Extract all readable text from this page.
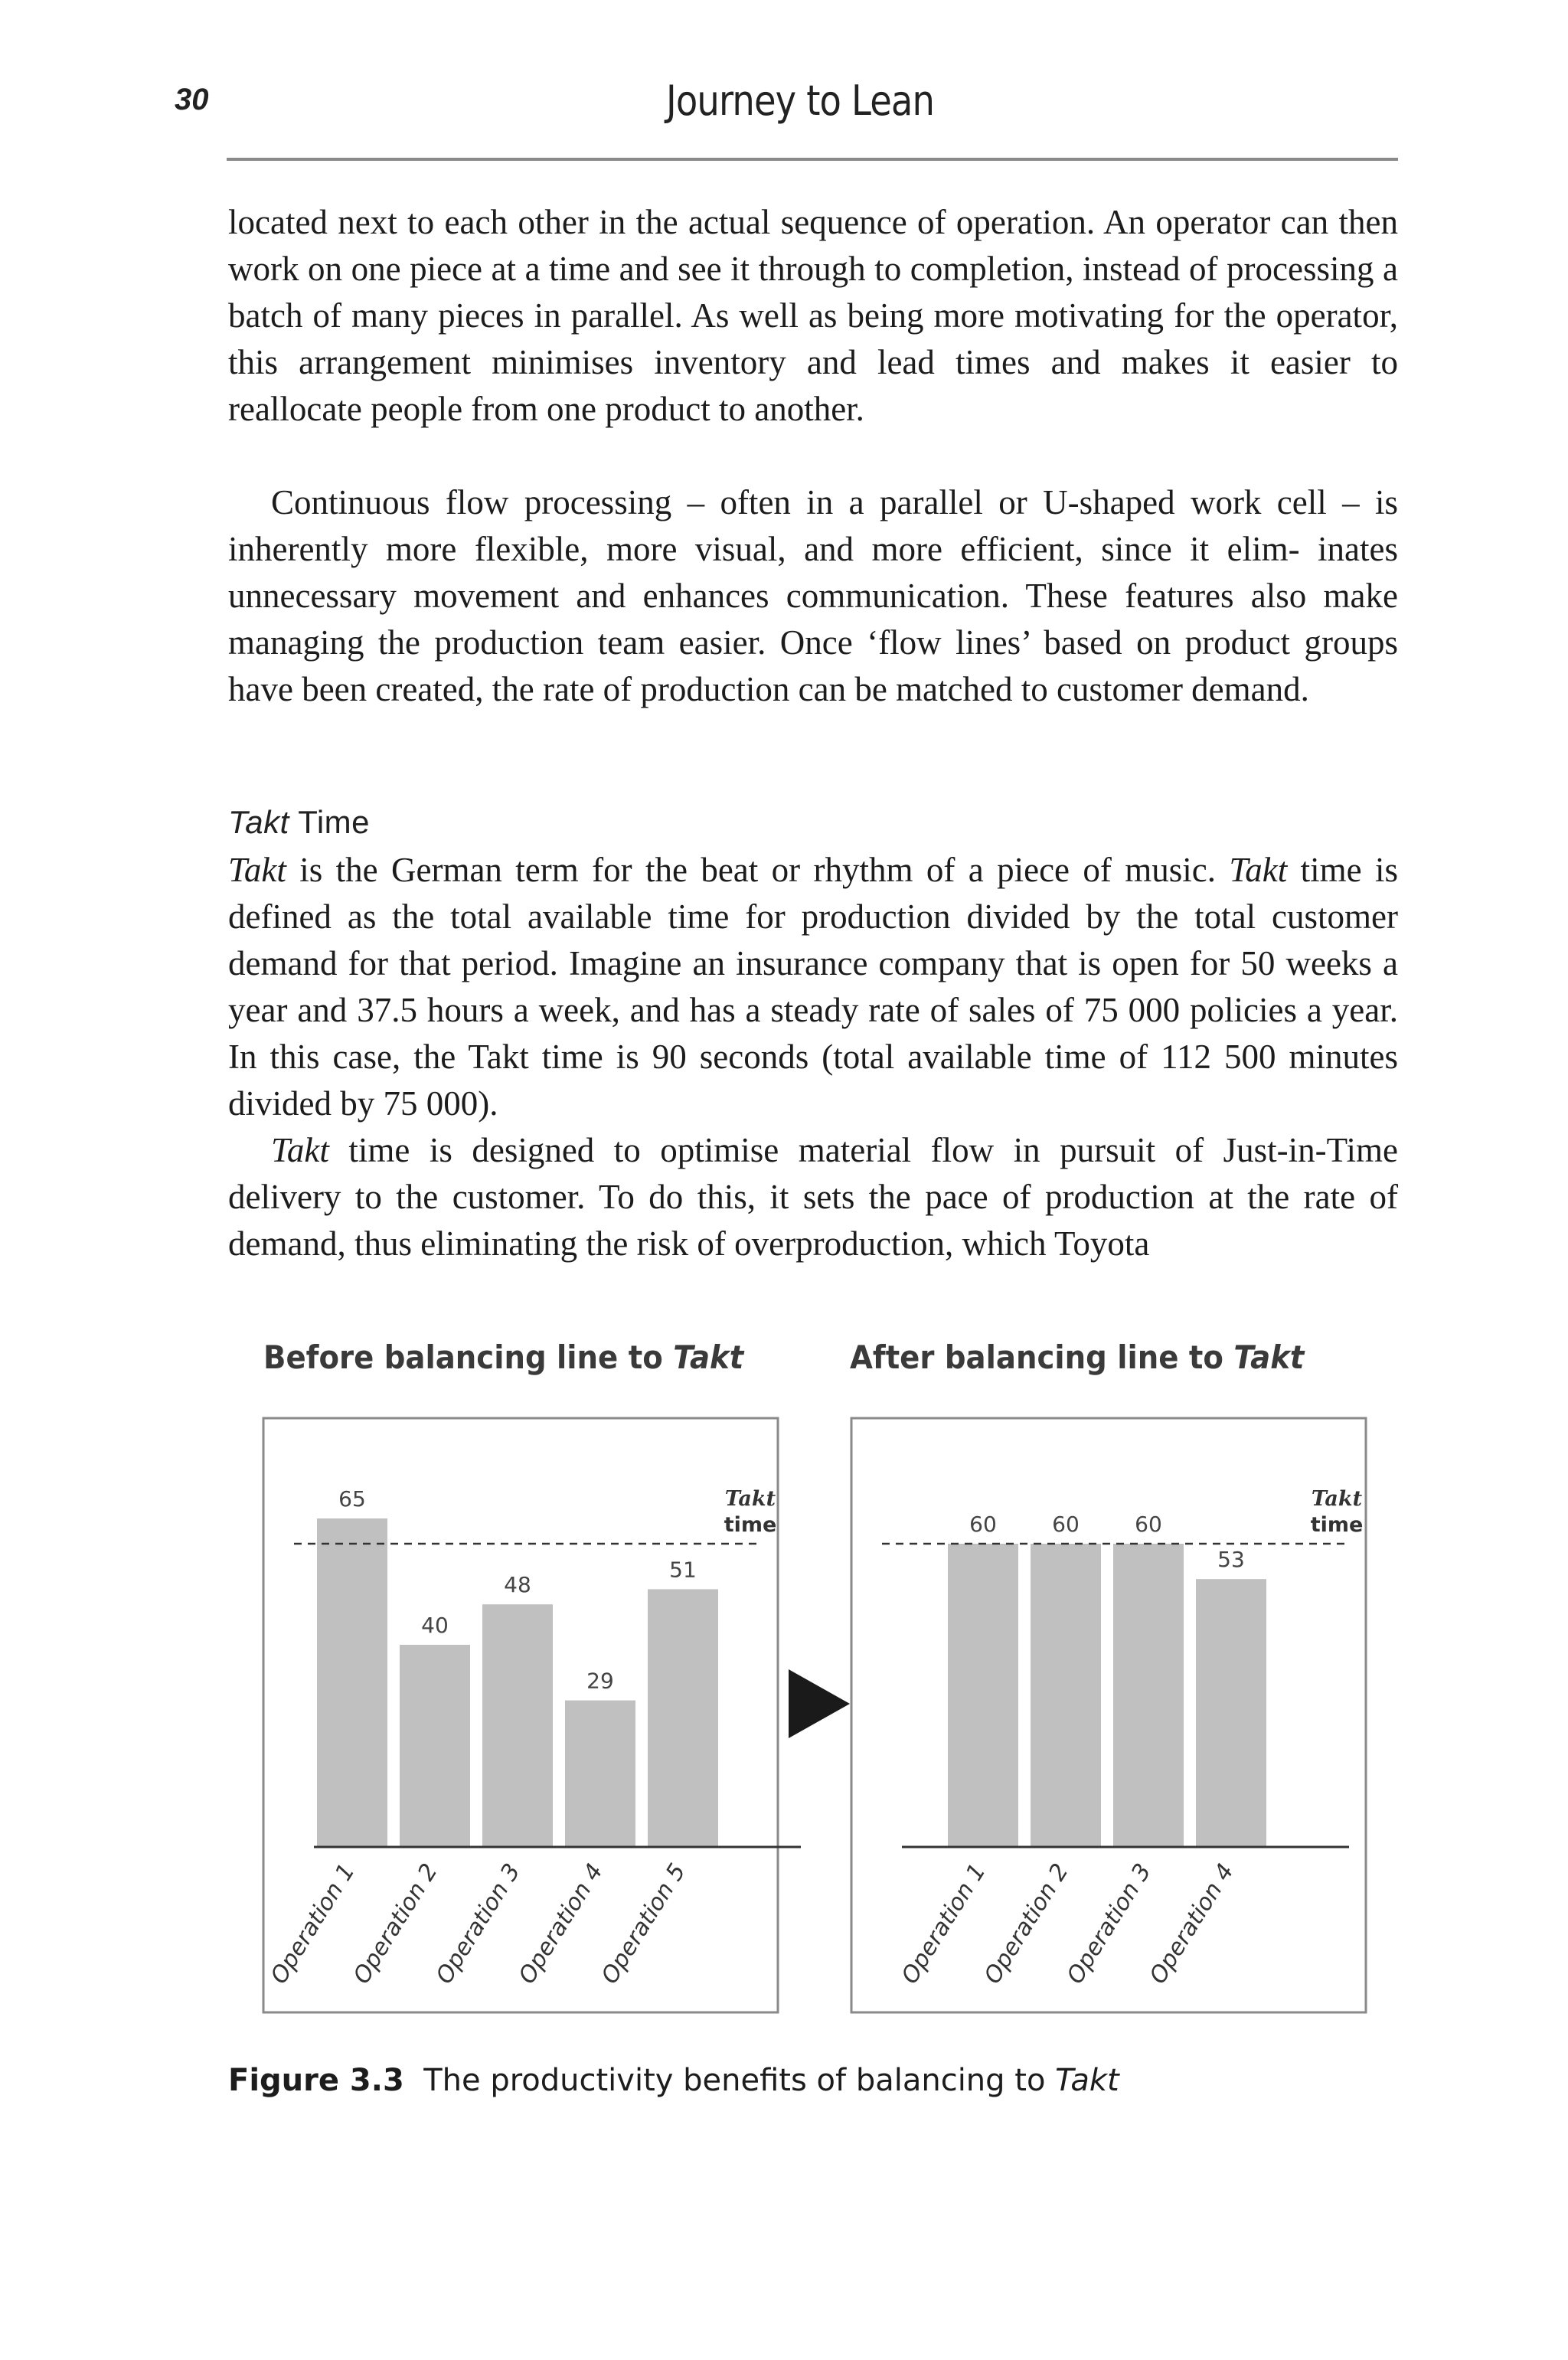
30	Journey to Lean

located next to each other in the actual sequence of operation. An operator can then work on one piece at a time and see it through to completion, instead of processing a batch of many pieces in parallel. As well as being more motivating for the operator, this arrangement minimises inventory and lead times and makes it easier to reallocate people from one product to another.

Continuous flow processing – often in a parallel or U-shaped work cell – is inherently more flexible, more visual, and more efficient, since it elim- inates unnecessary movement and enhances communication. These features also make managing the production team easier. Once ‘flow lines’ based on product groups have been created, the rate of production can be matched to customer demand.

Takt Time

Takt is the German term for the beat or rhythm of a piece of music. Takt time is defined as the total available time for production divided by the total customer demand for that period. Imagine an insurance company that is open for 50 weeks a year and 37.5 hours a week, and has a steady rate of sales of 75 000 policies a year. In this case, the Takt time is 90 seconds (total available time of 112 500 minutes divided by 75 000).

Takt time is designed to optimise material flow in pursuit of Just-in-Time delivery to the customer. To do this, it sets the pace of production at the rate of demand, thus eliminating the risk of overproduction, which Toyota

Before balancing line to Takt	After balancing line to Takt
65
40
48
29
51
Takt
time
Operation 1
Operation 2
Operation 3
Operation 4
Operation 5
60	60	60
53
Takt
time
Operation 1
Operation 2
Operation 3
Operation 4
Figure 3.3  The productivity benefits of balancing to Takt
